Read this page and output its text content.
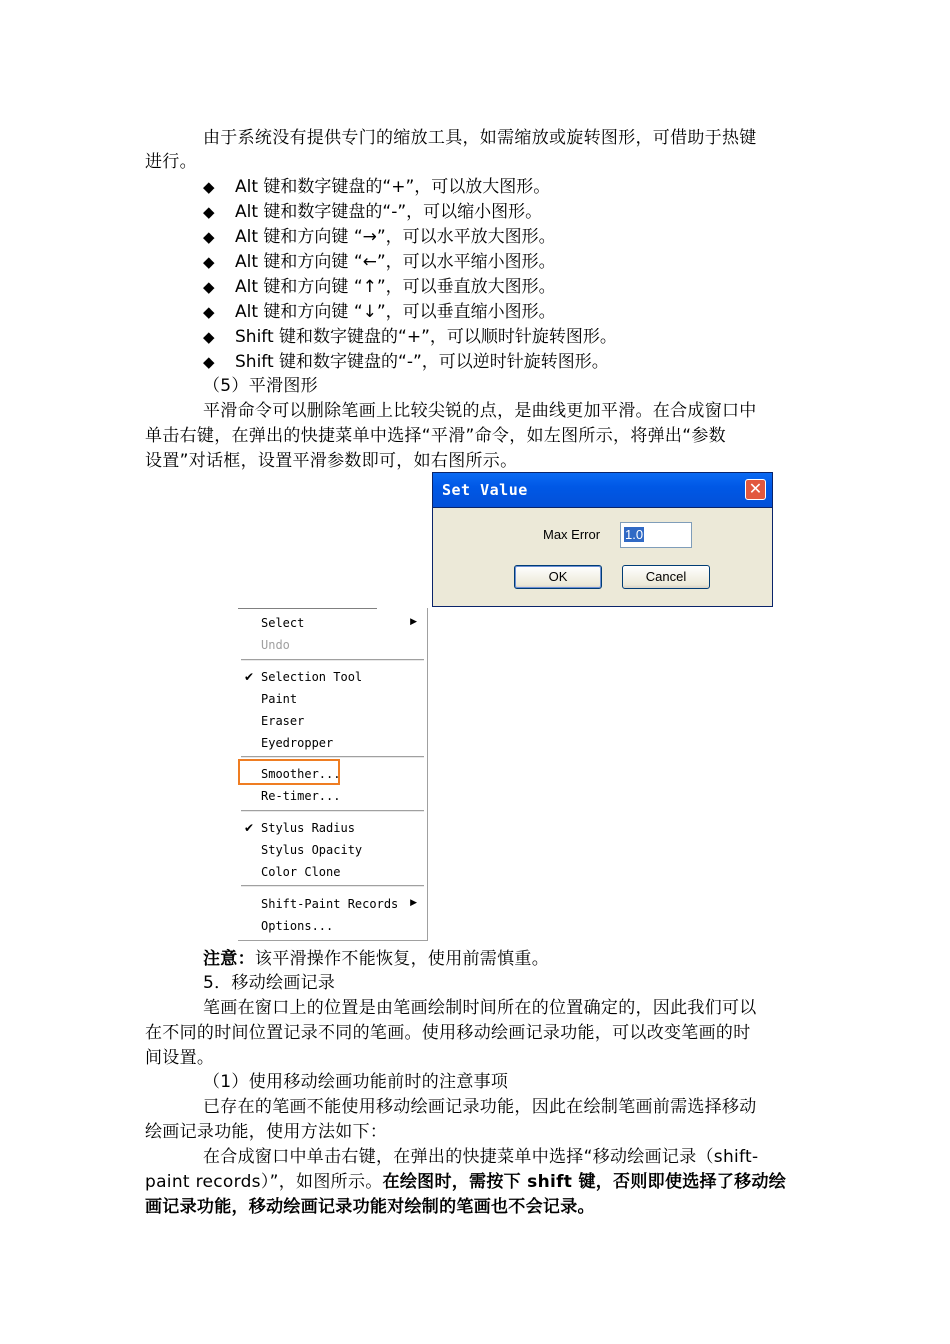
由于系统没有提供专门的缩放工具，如需缩放或旋转图形，可借助于热键
进行。
◆ Alt 键和数字键盘的“+”，可以放大图形。
◆ Alt 键和数字键盘的“-”，可以缩小图形。
◆ Alt 键和方向键 “→”，可以水平放大图形。
◆ Alt 键和方向键 “←”，可以水平缩小图形。
◆ Alt 键和方向键 “↑”，可以垂直放大图形。
◆ Alt 键和方向键 “↓”，可以垂直缩小图形。
◆ Shift 键和数字键盘的“+”，可以顺时针旋转图形。
◆ Shift 键和数字键盘的“-”，可以逆时针旋转图形。
（5）平滑图形
平滑命令可以删除笔画上比较尖锐的点，是曲线更加平滑。在合成窗口中
单击右键，在弹出的快捷菜单中选择“平滑”命令，如左图所示，将弹出“参数
设置”对话框，设置平滑参数即可，如右图所示。
Set Value	✕
Max Error 1.0
OK	Cancel
Select	▶
Undo
✔ Selection Tool
Paint
Eraser
Eyedropper
Smoother...
Re-timer...
✔ Stylus Radius
Stylus Opacity
Color Clone
Shift-Paint Records ▶
Options...
注意：该平滑操作不能恢复，使用前需慎重。
5．移动绘画记录
笔画在窗口上的位置是由笔画绘制时间所在的位置确定的，因此我们可以
在不同的时间位置记录不同的笔画。使用移动绘画记录功能，可以改变笔画的时
间设置。
（1）使用移动绘画功能前时的注意事项
已存在的笔画不能使用移动绘画记录功能，因此在绘制笔画前需选择移动
绘画记录功能，使用方法如下：
在合成窗口中单击右键，在弹出的快捷菜单中选择“移动绘画记录（shift-
paint records）”，如图所示。在绘图时，需按下 shift 键，否则即使选择了移动绘
画记录功能，移动绘画记录功能对绘制的笔画也不会记录。
